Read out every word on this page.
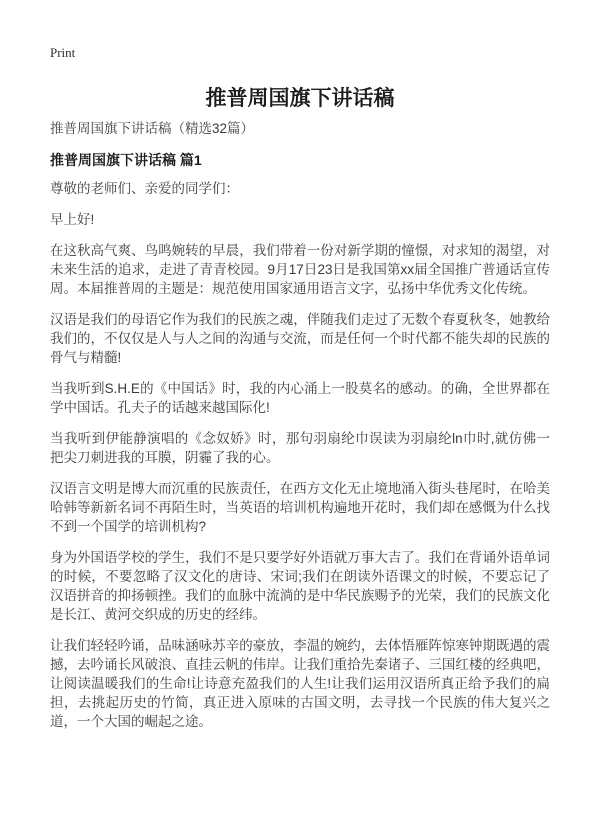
Print
推普周国旗下讲话稿

推普周国旗下讲话稿（精选32篇）

推普周国旗下讲话稿 篇1

尊敬的老师们、亲爱的同学们：

早上好!

在这秋高气爽、鸟鸣婉转的早晨，我们带着一份对新学期的憧憬，对求知的渴望，对未来生活的追求，走进了青青校园。9月17日23日是我国第xx届全国推广普通话宣传周。本届推普周的主题是：规范使用国家通用语言文字，弘扬中华优秀文化传统。

汉语是我们的母语它作为我们的民族之魂，伴随我们走过了无数个春夏秋冬，她教给我们的，不仅仅是人与人之间的沟通与交流，而是任何一个时代都不能失却的民族的骨气与精髓!

当我听到S.H.E的《中国话》时，我的内心涌上一股莫名的感动。的确，全世界都在学中国话。孔夫子的话越来越国际化!

当我听到伊能静演唱的《念奴娇》时，那句羽扇纶巾误读为羽扇纶ln巾时,就仿佛一把尖刀刺进我的耳膜，阴霾了我的心。

汉语言文明是博大而沉重的民族责任，在西方文化无止境地涌入街头巷尾时，在哈美哈韩等新新名词不再陌生时，当英语的培训机构遍地开花时，我们却在感慨为什么找不到一个国学的培训机构?

身为外国语学校的学生，我们不是只要学好外语就万事大吉了。我们在背诵外语单词的时候，不要忽略了汉文化的唐诗、宋词;我们在朗读外语课文的时候，不要忘记了汉语拼音的抑扬顿挫。我们的血脉中流淌的是中华民族赐予的光荣，我们的民族文化是长江、黄河交织成的历史的经纬。

让我们轻轻吟诵，品味涵咏苏辛的豪放，李温的婉约，去体悟雁阵惊寒钟期既遇的震撼，去吟诵长风破浪、直挂云帆的伟岸。让我们重拾先秦诸子、三国红楼的经典吧，让阅读温暖我们的生命!让诗意充盈我们的人生!让我们运用汉语所真正给予我们的扁担，去挑起历史的竹简，真正进入原味的古国文明，去寻找一个民族的伟大复兴之道，一个大国的崛起之途。
